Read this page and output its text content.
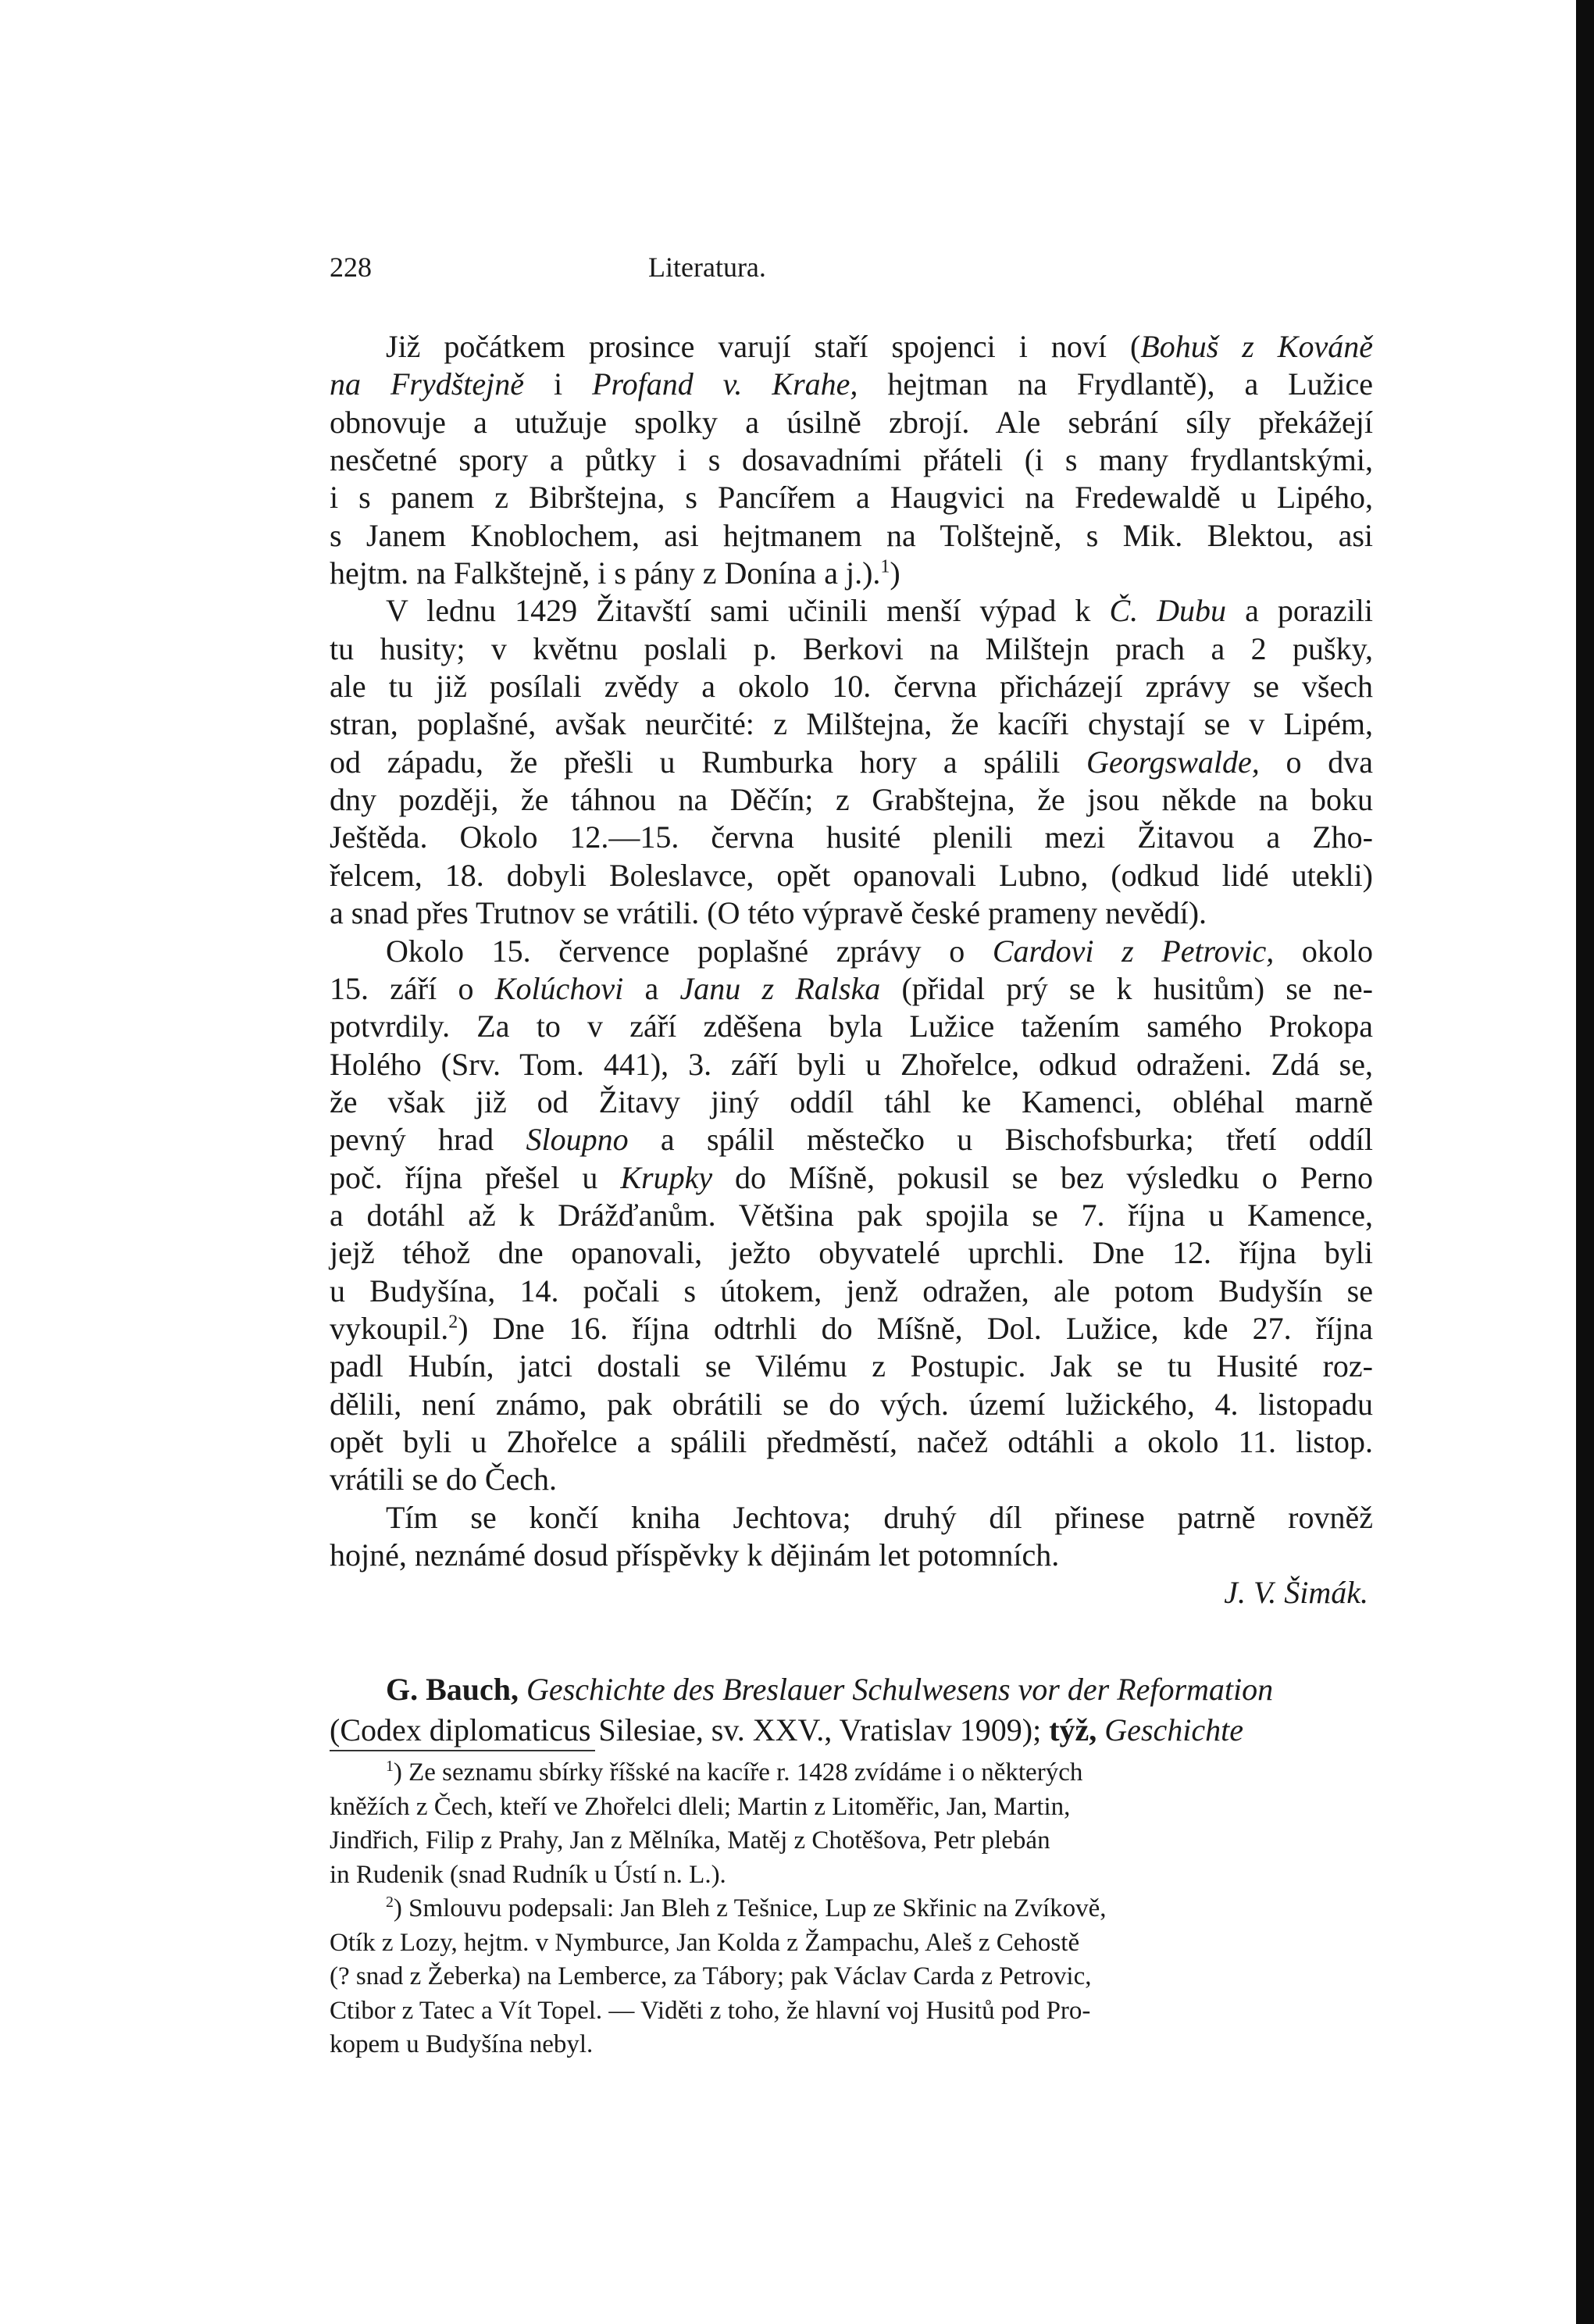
228	Literatura.

Již počátkem prosince varují staří spojenci i noví (Bohuš z Kováně

na Frydštejně i Profand v. Krahe, hejtman na Frydlantě), a Lužice

obnovuje a utužuje spolky a úsilně zbrojí. Ale sebrání síly překážejí

nesčetné spory a půtky i s dosavadními přáteli (i s many frydlantskými,

i s panem z Bibrštejna, s Pancířem a Haugvici na Fredewaldě u Lipého,

s Janem Knoblochem, asi hejtmanem na Tolštejně, s Mik. Blektou, asi

hejtm. na Falkštejně, i s pány z Donína a j.).$^1$)

V lednu 1429 Žitavští sami učinili menší výpad k Č. Dubu a porazili

tu husity; v květnu poslali p. Berkovi na Milštejn prach a 2 pušky,

ale tu již posílali zvědy a okolo 10. června přicházejí zprávy se všech

stran, poplašné, avšak neurčité: z Milštejna, že kacíři chystají se v Lipém,

od západu, že přešli u Rumburka hory a spálili Georgswalde, o dva

dny později, že táhnou na Děčín; z Grabštejna, že jsou někde na boku

Ještěda. Okolo 12.—15. června husité plenili mezi Žitavou a Zho-

řelcem, 18. dobyli Boleslavce, opět opanovali Lubno, (odkud lidé utekli)

a snad přes Trutnov se vrátili. (O této výpravě české prameny nevědí).

Okolo 15. července poplašné zprávy o Cardovi z Petrovic, okolo

15. září o Kolúchovi a Janu z Ralska (přidal prý se k husitům) se ne-

potvrdily. Za to v září zděšena byla Lužice tažením samého Prokopa

Holého (Srv. Tom. 441), 3. září byli u Zhořelce, odkud odraženi. Zdá se,

že však již od Žitavy jiný oddíl táhl ke Kamenci, obléhal marně

pevný hrad Sloupno a spálil městečko u Bischofsburka; třetí oddíl

poč. října přešel u Krupky do Míšně, pokusil se bez výsledku o Perno

a dotáhl až k Drážďanům. Většina pak spojila se 7. října u Kamence,

jejž téhož dne opanovali, ježto obyvatelé uprchli. Dne 12. října byli

u Budyšína, 14. počali s útokem, jenž odražen, ale potom Budyšín se

vykoupil.$^2$) Dne 16. října odtrhli do Míšně, Dol. Lužice, kde 27. října

padl Hubín, jatci dostali se Vilému z Postupic. Jak se tu Husité roz-

dělili, není známo, pak obrátili se do vých. území lužického, 4. listopadu

opět byli u Zhořelce a spálili předměstí, načež odtáhli a okolo 11. listop.

vrátili se do Čech.

Tím se končí kniha Jechtova; druhý díl přinese patrně rovněž

hojné, neznámé dosud příspěvky k dějinám let potomních.

J. V. Šimák.

G. Bauch, Geschichte des Breslauer Schulwesens vor der Reformation

(Codex diplomaticus Silesiae, sv. XXV., Vratislav 1909); týž, Geschichte

$^1$) Ze seznamu sbírky říšské na kacíře r. 1428 zvídáme i o některých

kněžích z Čech, kteří ve Zhořelci dleli; Martin z Litoměřic, Jan, Martin,

Jindřich, Filip z Prahy, Jan z Mělníka, Matěj z Chotěšova, Petr plebán

in Rudenik (snad Rudník u Ústí n. L.).

$^2$) Smlouvu podepsali: Jan Bleh z Tešnice, Lup ze Skřinic na Zvíkově,

Otík z Lozy, hejtm. v Nymburce, Jan Kolda z Žampachu, Aleš z Cehostě

(? snad z Žeberka) na Lemberce, za Tábory; pak Václav Carda z Petrovic,

Ctibor z Tatec a Vít Topel. — Viděti z toho, že hlavní voj Husitů pod Pro-

kopem u Budyšína nebyl.
